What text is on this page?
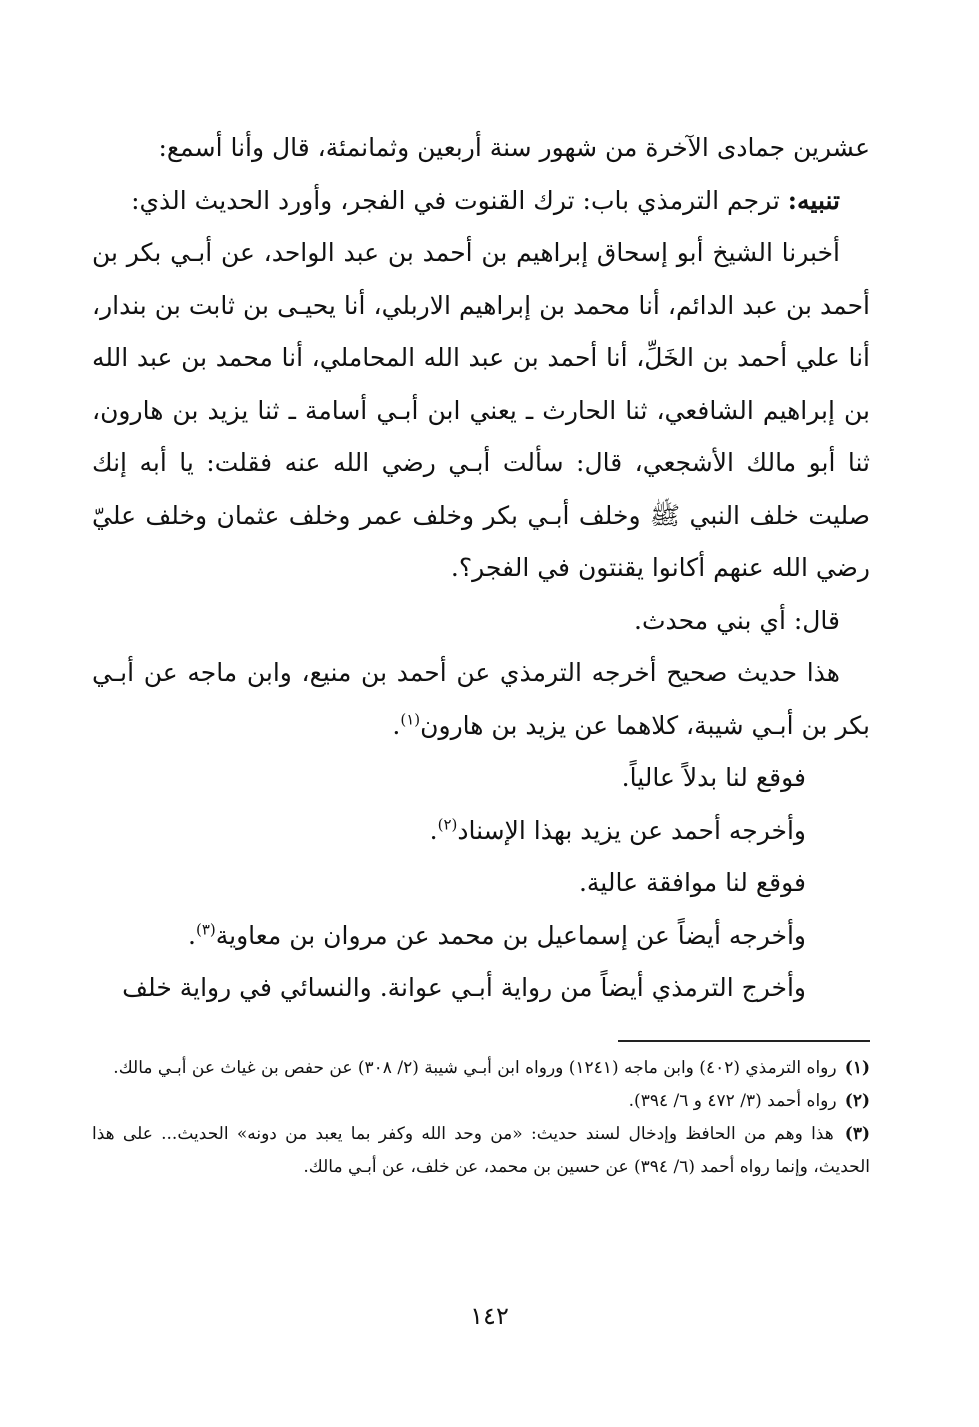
عشرين جمادى الآخرة من شهور سنة أربعين وثمانمئة، قال وأنا أسمع:

تنبيه: ترجم الترمذي باب: ترك القنوت في الفجر، وأورد الحديث الذي:

أخبرنا الشيخ أبو إسحاق إبراهيم بن أحمد بن عبد الواحد، عن أبـي بكر بن أحمد بن عبد الدائم، أنا محمد بن إبراهيم الاربلي، أنا يحيـى بن ثابت بن بندار، أنا علي أحمد بن الخَلِّ، أنا أحمد بن عبد الله المحاملي، أنا محمد بن عبد الله بن إبراهيم الشافعي، ثنا الحارث ـ يعني ابن أبـي أسامة ـ ثنا يزيد بن هارون، ثنا أبو مالك الأشجعي، قال: سألت أبـي رضي الله عنه فقلت: يا أبه إنك صليت خلف النبي ﷺ وخلف أبـي بكر وخلف عمر وخلف عثمان وخلف عليّ رضي الله عنهم أكانوا يقنتون في الفجر؟.

قال: أي بني محدث.

هذا حديث صحيح أخرجه الترمذي عن أحمد بن منيع، وابن ماجه عن أبـي بكر بن أبـي شيبة، كلاهما عن يزيد بن هارون$^{(١)}$.

فوقع لنا بدلاً عالياً.

وأخرجه أحمد عن يزيد بهذا الإسناد$^{(٢)}$.

فوقع لنا موافقة عالية.

وأخرجه أيضاً عن إسماعيل بن محمد عن مروان بن معاوية$^{(٣)}$.

وأخرج الترمذي أيضاً من رواية أبـي عوانة. والنسائي في رواية خلف

(١) رواه الترمذي (٤٠٢) وابن ماجه (١٢٤١) ورواه ابن أبـي شيبة (٢/ ٣٠٨) عن حفص بن غياث عن أبـي مالك.

(٢) رواه أحمد (٣/ ٤٧٢ و ٦/ ٣٩٤).

(٣) هذا وهم من الحافظ وإدخال لسند حديث: «من وحد الله وكفر بما يعبد من دونه» الحديث... على هذا الحديث، وإنما رواه أحمد (٦/ ٣٩٤) عن حسين بن محمد، عن خلف، عن أبـي مالك.

١٤٢
